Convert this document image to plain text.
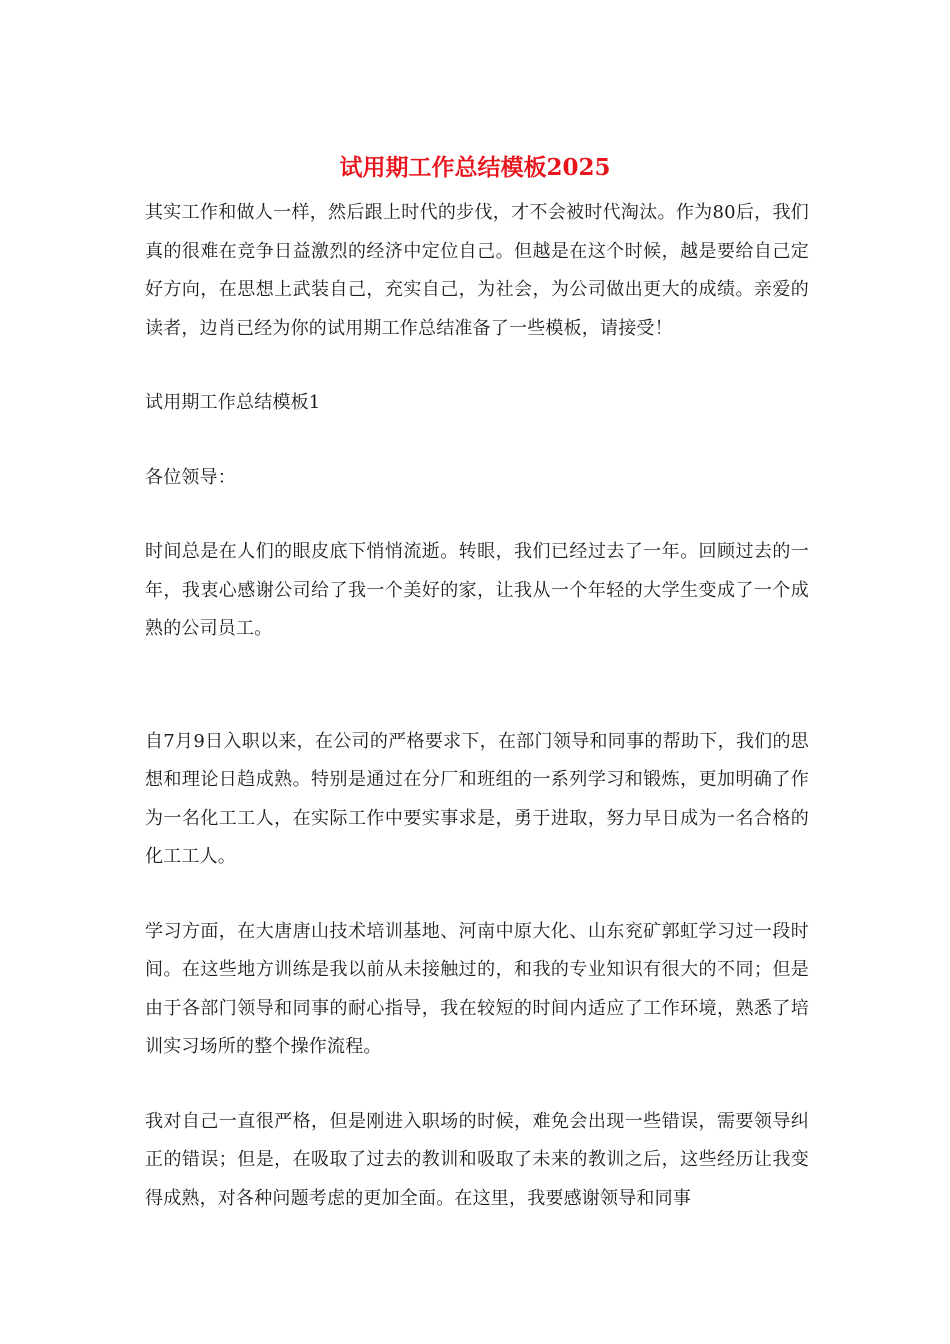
试用期工作总结模板2025

其实工作和做人一样，然后跟上时代的步伐，才不会被时代淘汰。作为80后，我们真的很难在竞争日益激烈的经济中定位自己。但越是在这个时候，越是要给自己定好方向，在思想上武装自己，充实自己，为社会，为公司做出更大的成绩。亲爱的读者，边肖已经为你的试用期工作总结准备了一些模板，请接受！

试用期工作总结模板1

各位领导：

时间总是在人们的眼皮底下悄悄流逝。转眼，我们已经过去了一年。回顾过去的一年，我衷心感谢公司给了我一个美好的家，让我从一个年轻的大学生变成了一个成熟的公司员工。

自7月9日入职以来，在公司的严格要求下，在部门领导和同事的帮助下，我们的思想和理论日趋成熟。特别是通过在分厂和班组的一系列学习和锻炼，更加明确了作为一名化工工人，在实际工作中要实事求是，勇于进取，努力早日成为一名合格的化工工人。

学习方面，在大唐唐山技术培训基地、河南中原大化、山东兖矿郭虹学习过一段时间。在这些地方训练是我以前从未接触过的，和我的专业知识有很大的不同；但是由于各部门领导和同事的耐心指导，我在较短的时间内适应了工作环境，熟悉了培训实习场所的整个操作流程。

我对自己一直很严格，但是刚进入职场的时候，难免会出现一些错误，需要领导纠正的错误；但是，在吸取了过去的教训和吸取了未来的教训之后，这些经历让我变得成熟，对各种问题考虑的更加全面。在这里，我要感谢领导和同事
